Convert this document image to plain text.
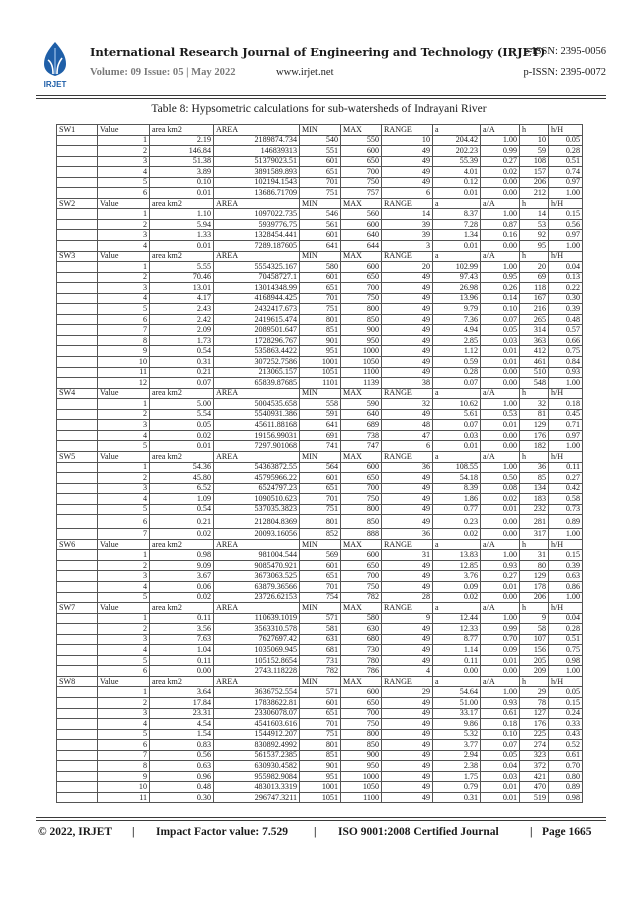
IRJET
International Research Journal of Engineering and Technology (IRJET)
e-ISSN: 2395-0056
Volume: 09 Issue: 05 | May 2022	www.irjet.net	p-ISSN: 2395-0072
Table 8: Hypsometric calculations for sub-watersheds of Indrayani River
SW1	Value	area km2	AREA	MIN	MAX	RANGE	a	a/A	h	h/H
	1	2.19	2189874.734	540	550	10	204.42	1.00	10	0.05
	2	146.84	146839313	551	600	49	202.23	0.99	59	0.28
	3	51.38	51379023.51	601	650	49	55.39	0.27	108	0.51
	4	3.89	3891589.893	651	700	49	4.01	0.02	157	0.74
	5	0.10	102194.1543	701	750	49	0.12	0.00	206	0.97
	6	0.01	13686.71709	751	757	6	0.01	0.00	212	1.00
SW2	Value	area km2	AREA	MIN	MAX	RANGE	a	a/A	h	h/H
	1	1.10	1097022.735	546	560	14	8.37	1.00	14	0.15
	2	5.94	5939776.75	561	600	39	7.28	0.87	53	0.56
	3	1.33	1328454.441	601	640	39	1.34	0.16	92	0.97
	4	0.01	7289.187605	641	644	3	0.01	0.00	95	1.00
SW3	Value	area km2	AREA	MIN	MAX	RANGE	a	a/A	h	h/H
	1	5.55	5554325.167	580	600	20	102.99	1.00	20	0.04
	2	70.46	70458727.1	601	650	49	97.43	0.95	69	0.13
	3	13.01	13014348.99	651	700	49	26.98	0.26	118	0.22
	4	4.17	4168944.425	701	750	49	13.96	0.14	167	0.30
	5	2.43	2432417.673	751	800	49	9.79	0.10	216	0.39
	6	2.42	2419615.474	801	850	49	7.36	0.07	265	0.48
	7	2.09	2089501.647	851	900	49	4.94	0.05	314	0.57
	8	1.73	1728296.767	901	950	49	2.85	0.03	363	0.66
	9	0.54	535863.4422	951	1000	49	1.12	0.01	412	0.75
	10	0.31	307252.7586	1001	1050	49	0.59	0.01	461	0.84
	11	0.21	213065.157	1051	1100	49	0.28	0.00	510	0.93
	12	0.07	65839.87685	1101	1139	38	0.07	0.00	548	1.00
SW4	Value	area km2	AREA	MIN	MAX	RANGE	a	a/A	h	h/H
	1	5.00	5004535.658	558	590	32	10.62	1.00	32	0.18
	2	5.54	5540931.386	591	640	49	5.61	0.53	81	0.45
	3	0.05	45611.88168	641	689	48	0.07	0.01	129	0.71
	4	0.02	19156.99031	691	738	47	0.03	0.00	176	0.97
	5	0.01	7297.901068	741	747	6	0.01	0.00	182	1.00
SW5	Value	area km2	AREA	MIN	MAX	RANGE	a	a/A	h	h/H
	1	54.36	54363872.55	564	600	36	108.55	1.00	36	0.11
	2	45.80	45795966.22	601	650	49	54.18	0.50	85	0.27
	3	6.52	6524797.23	651	700	49	8.39	0.08	134	0.42
	4	1.09	1090510.623	701	750	49	1.86	0.02	183	0.58
	5	0.54	537035.3823	751	800	49	0.77	0.01	232	0.73
	6	0.21	212804.8369	801	850	49	0.23	0.00	281	0.89
	7	0.02	20093.16056	852	888	36	0.02	0.00	317	1.00
SW6	Value	area km2	AREA	MIN	MAX	RANGE	a	a/A	h	h/H
	1	0.98	981004.544	569	600	31	13.83	1.00	31	0.15
	2	9.09	9085470.921	601	650	49	12.85	0.93	80	0.39
	3	3.67	3673063.525	651	700	49	3.76	0.27	129	0.63
	4	0.06	63879.36566	701	750	49	0.09	0.01	178	0.86
	5	0.02	23726.62153	754	782	28	0.02	0.00	206	1.00
SW7	Value	area km2	AREA	MIN	MAX	RANGE	a	a/A	h	h/H
	1	0.11	110639.1019	571	580	9	12.44	1.00	9	0.04
	2	3.56	3563310.578	581	630	49	12.33	0.99	58	0.28
	3	7.63	7627697.42	631	680	49	8.77	0.70	107	0.51
	4	1.04	1035069.945	681	730	49	1.14	0.09	156	0.75
	5	0.11	105152.8654	731	780	49	0.11	0.01	205	0.98
	6	0.00	2743.118228	782	786	4	0.00	0.00	209	1.00
SW8	Value	area km2	AREA	MIN	MAX	RANGE	a	a/A	h	h/H
	1	3.64	3636752.554	571	600	29	54.64	1.00	29	0.05
	2	17.84	17838622.81	601	650	49	51.00	0.93	78	0.15
	3	23.31	23306078.07	651	700	49	33.17	0.61	127	0.24
	4	4.54	4541603.616	701	750	49	9.86	0.18	176	0.33
	5	1.54	1544912.207	751	800	49	5.32	0.10	225	0.43
	6	0.83	830892.4992	801	850	49	3.77	0.07	274	0.52
	7	0.56	561537.2385	851	900	49	2.94	0.05	323	0.61
	8	0.63	630930.4582	901	950	49	2.38	0.04	372	0.70
	9	0.96	955982.9084	951	1000	49	1.75	0.03	421	0.80
	10	0.48	483013.3319	1001	1050	49	0.79	0.01	470	0.89
	11	0.30	296747.3211	1051	1100	49	0.31	0.01	519	0.98
© 2022, IRJET | Impact Factor value: 7.529 | ISO 9001:2008 Certified Journal	| Page 1665
